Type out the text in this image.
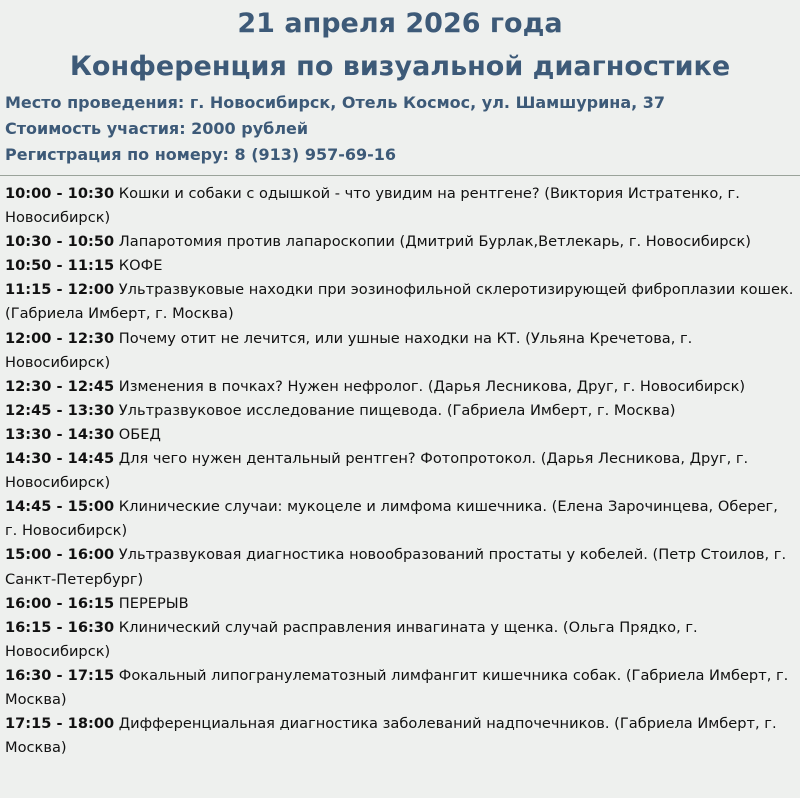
21 апреля 2026 года
Конференция по визуальной диагностике
Место проведения: г. Новосибирск, Отель Космос, ул. Шамшурина, 37
Стоимость участия: 2000 рублей
Регистрация по номеру: 8 (913) 957-69-16

10:00 - 10:30 Кошки и собаки с одышкой - что увидим на рентгене? (Виктория Истратенко, г. Новосибирск)

10:30 - 10:50 Лапаротомия против лапароскопии (Дмитрий Бурлак,Ветлекарь, г. Новосибирск)

10:50 - 11:15 КОФЕ

11:15 - 12:00 Ультразвуковые находки при эозинофильной склеротизирующей фиброплазии кошек. (Габриела Имберт, г. Москва)

12:00 - 12:30 Почему отит не лечится, или ушные находки на КТ. (Ульяна Кречетова, г. Новосибирск)

12:30 - 12:45 Изменения в почках? Нужен нефролог. (Дарья Лесникова, Друг, г. Новосибирск)

12:45 - 13:30 Ультразвуковое исследование пищевода. (Габриела Имберт, г. Москва)

13:30 - 14:30 ОБЕД

14:30 - 14:45 Для чего нужен дентальный рентген? Фотопротокол. (Дарья Лесникова, Друг, г. Новосибирск)

14:45 - 15:00 Клинические случаи: мукоцеле и лимфома кишечника. (Елена Зарочинцева, Оберег, г. Новосибирск)

15:00 - 16:00 Ультразвуковая диагностика новообразований простаты у кобелей. (Петр Стоилов, г. Санкт-Петербург)

16:00 - 16:15 ПЕРЕРЫВ

16:15 - 16:30 Клинический случай расправления инвагината у щенка. (Ольга Прядко, г. Новосибирск)

16:30 - 17:15 Фокальный липогранулематозный лимфангит кишечника собак. (Габриела Имберт, г. Москва)

17:15 - 18:00 Дифференциальная диагностика заболеваний надпочечников. (Габриела Имберт, г. Москва)
